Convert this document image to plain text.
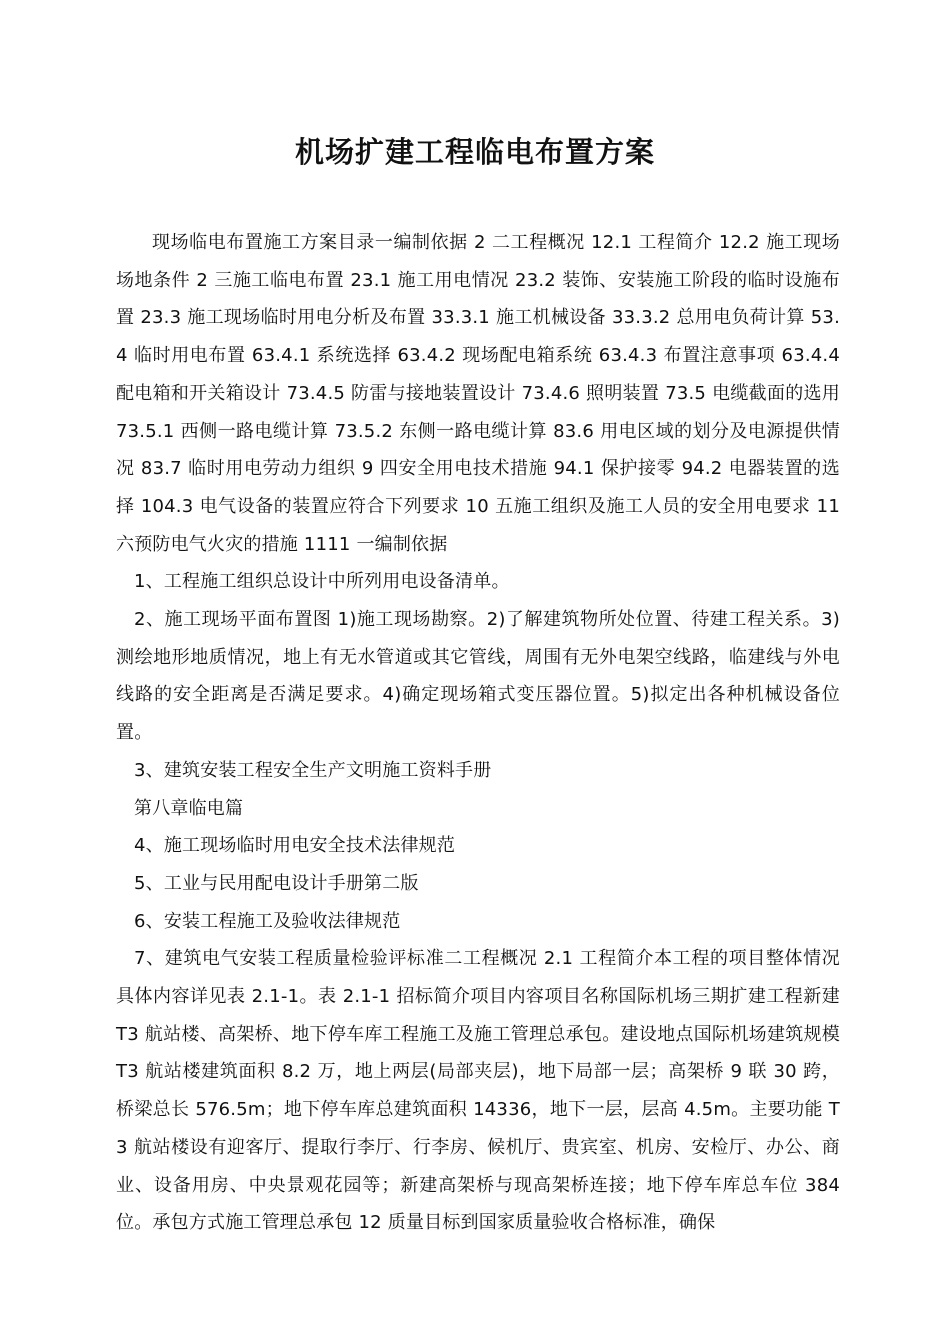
机场扩建工程临电布置方案

现场临电布置施工方案目录一编制依据 2 二工程概况 12.1 工程简介 12.2 施工现场场地条件 2 三施工临电布置 23.1 施工用电情况 23.2 装饰、安装施工阶段的临时设施布置 23.3 施工现场临时用电分析及布置 33.3.1 施工机械设备 33.3.2 总用电负荷计算 53.4 临时用电布置 63.4.1 系统选择 63.4.2 现场配电箱系统 63.4.3 布置注意事项 63.4.4 配电箱和开关箱设计 73.4.5 防雷与接地装置设计 73.4.6 照明装置 73.5 电缆截面的选用 73.5.1 西侧一路电缆计算 73.5.2 东侧一路电缆计算 83.6 用电区域的划分及电源提供情况 83.7 临时用电劳动力组织 9 四安全用电技术措施 94.1 保护接零 94.2 电器装置的选择 104.3 电气设备的装置应符合下列要求 10 五施工组织及施工人员的安全用电要求 11 六预防电气火灾的措施 1111 一编制依据

1、工程施工组织总设计中所列用电设备清单。

2、施工现场平面布置图 1)施工现场勘察。2)了解建筑物所处位置、待建工程关系。3)测绘地形地质情况，地上有无水管道或其它管线，周围有无外电架空线路，临建线与外电线路的安全距离是否满足要求。4)确定现场箱式变压器位置。5)拟定出各种机械设备位置。

3、建筑安装工程安全生产文明施工资料手册

第八章临电篇

4、施工现场临时用电安全技术法律规范

5、工业与民用配电设计手册第二版

6、安装工程施工及验收法律规范

7、建筑电气安装工程质量检验评标准二工程概况 2.1 工程简介本工程的项目整体情况具体内容详见表 2.1-1。表 2.1-1 招标简介项目内容项目名称国际机场三期扩建工程新建 T3 航站楼、高架桥、地下停车库工程施工及施工管理总承包。建设地点国际机场建筑规模 T3 航站楼建筑面积 8.2 万，地上两层(局部夹层)，地下局部一层；高架桥 9 联 30 跨，桥梁总长 576.5m；地下停车库总建筑面积 14336，地下一层，层高 4.5m。主要功能 T3 航站楼设有迎客厅、提取行李厅、行李房、候机厅、贵宾室、机房、安检厅、办公、商业、设备用房、中央景观花园等；新建高架桥与现高架桥连接；地下停车库总车位 384 位。承包方式施工管理总承包 12 质量目标到国家质量验收合格标准，确保
